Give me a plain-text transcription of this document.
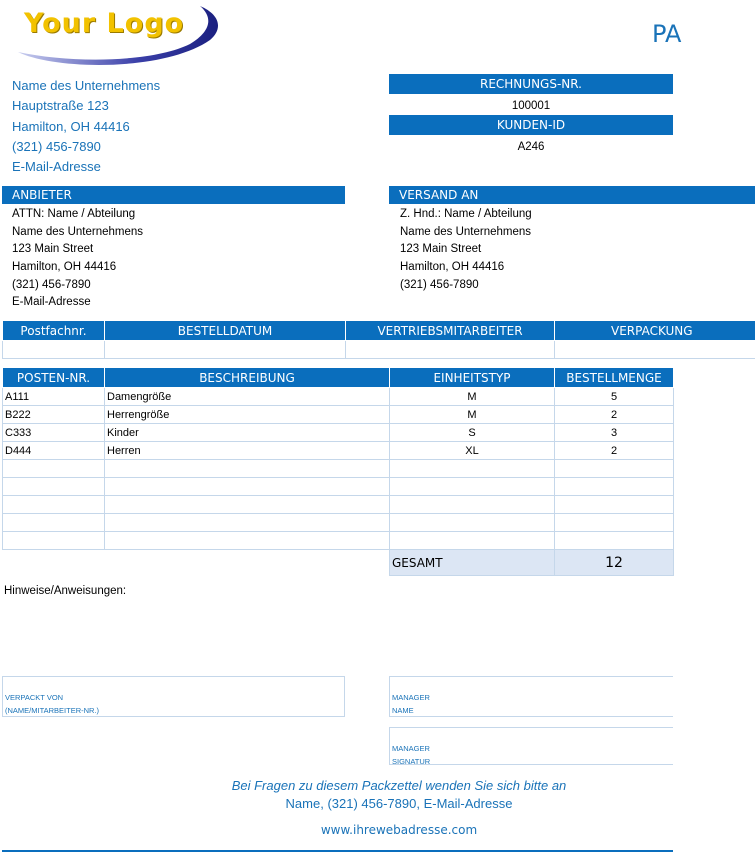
Your Logo	PA
Name des Unternehmens
Hauptstraße 123
Hamilton, OH 44416
(321) 456-7890
E-Mail-Adresse
RECHNUNGS-NR.
100001
KUNDEN-ID
A246
ANBIETER
ATTN: Name / Abteilung
Name des Unternehmens
123 Main Street
Hamilton, OH 44416
(321) 456-7890
E-Mail-Adresse
VERSAND AN
Z. Hnd.: Name / Abteilung
Name des Unternehmens
123 Main Street
Hamilton, OH 44416
(321) 456-7890
Postfachnr.	BESTELLDATUM	VERTRIEBSMITARBEITER	VERPACKUNG

POSTEN-NR.	BESCHREIBUNG	EINHEITSTYP	BESTELLMENGE
A111	Damengröße	M	5
B222	Herrengröße	M	2
C333	Kinder	S	3
D444	Herren	XL	2

		GESAMT	12
Hinweise/Anweisungen:
VERPACKT VON
(NAME/MITARBEITER-NR.)
MANAGER
NAME
MANAGER
SIGNATUR
Bei Fragen zu diesem Packzettel wenden Sie sich bitte an
Name, (321) 456-7890, E-Mail-Adresse
www.ihrewebadresse.com
